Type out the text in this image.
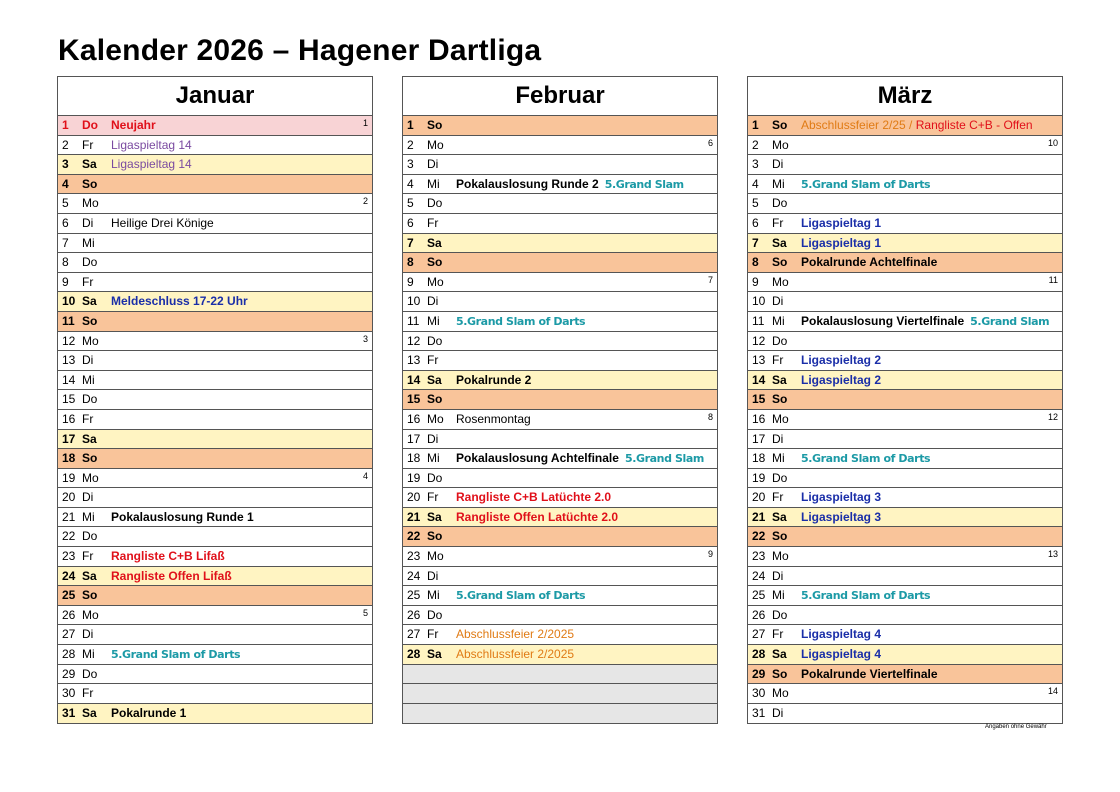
Kalender 2026 – Hagener Dartliga
Januar
1	Do Neujahr	1
2	Fr Ligaspieltag 14
3	Sa Ligaspieltag 14
4	So
5	Mo	2
6	Di Heilige Drei Könige
7	Mi
8	Do
9	Fr
10 Sa Meldeschluss 17-22 Uhr
11 So
12 Mo	3
13 Di
14 Mi
15 Do
16 Fr
17 Sa
18 So
19 Mo	4
20 Di
21 Mi Pokalauslosung Runde 1
22 Do
23 Fr Rangliste C+B Lifaß
24 Sa Rangliste Offen Lifaß
25 So
26 Mo	5
27 Di
28 Mi 5.Grand Slam of Darts
29 Do
30 Fr
31 Sa Pokalrunde 1
Februar
1	So
2	Mo	6
3	Di
4	Mi Pokalauslosung Runde 2 5.Grand Slam
5	Do
6	Fr
7	Sa
8	So
9	Mo	7
10 Di
11 Mi 5.Grand Slam of Darts
12 Do
13 Fr
14 Sa Pokalrunde 2
15 So
16 Mo Rosenmontag	8
17 Di
18 Mi Pokalauslosung Achtelfinale 5.Grand Slam
19 Do
20 Fr Rangliste C+B Latüchte 2.0
21 Sa Rangliste Offen Latüchte 2.0
22 So
23 Mo	9
24 Di
25 Mi 5.Grand Slam of Darts
26 Do
27 Fr Abschlussfeier 2/2025
28 Sa Abschlussfeier 2/2025
März
1	So Abschlussfeier 2/25 / Rangliste C+B - Offen
2	Mo	10
3	Di
4	Mi 5.Grand Slam of Darts
5	Do
6	Fr Ligaspieltag 1
7	Sa Ligaspieltag 1
8	So Pokalrunde Achtelfinale
9	Mo	11
10 Di
11 Mi Pokalauslosung Viertelfinale 5.Grand Slam
12 Do
13 Fr Ligaspieltag 2
14 Sa Ligaspieltag 2
15 So
16 Mo	12
17 Di
18 Mi 5.Grand Slam of Darts
19 Do
20 Fr Ligaspieltag 3
21 Sa Ligaspieltag 3
22 So
23 Mo	13
24 Di
25 Mi 5.Grand Slam of Darts
26 Do
27 Fr Ligaspieltag 4
28 Sa Ligaspieltag 4
29 So Pokalrunde Viertelfinale
30 Mo	14
31 Di
Angaben ohne Gewähr
